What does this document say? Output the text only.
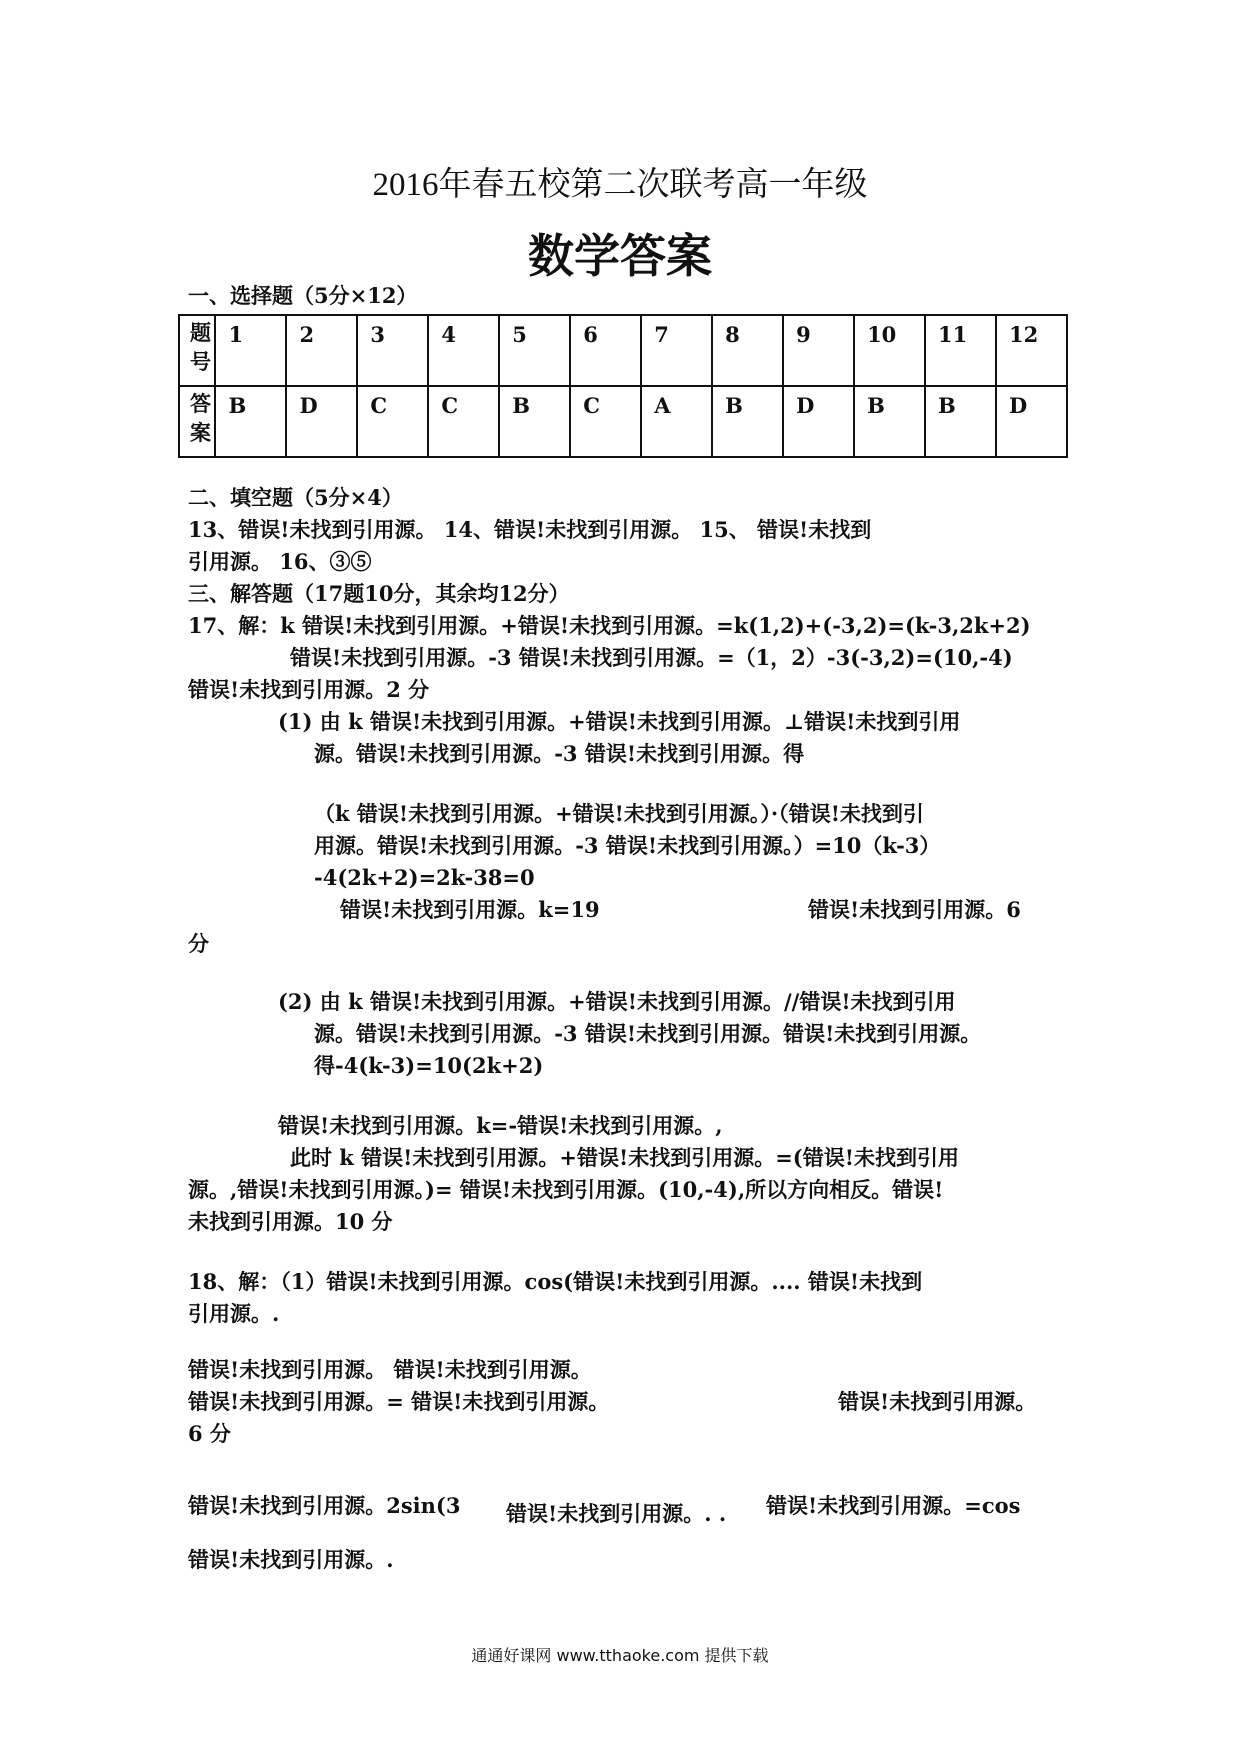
2016年春五校第二次联考高一年级
数学答案
一、选择题（5分×12）
题号	1	2	3	4	5	6	7	8	9	10	11	12
答案	B	D	C	C	B	C	A	B	D	B	B	D
二、填空题（5分×4）
13、错误!未找到引用源。 14、错误!未找到引用源。 15、 错误!未找到
引用源。 16、③⑤
三、解答题（17题10分，其余均12分）
17、解：k 错误!未找到引用源。+错误!未找到引用源。=k(1,2)+(-3,2)=(k-3,2k+2)
错误!未找到引用源。-3 错误!未找到引用源。=（1，2）-3(-3,2)=(10,-4)
错误!未找到引用源。2 分
(1) 由 k 错误!未找到引用源。+错误!未找到引用源。⊥错误!未找到引用
源。错误!未找到引用源。-3 错误!未找到引用源。得
（k 错误!未找到引用源。+错误!未找到引用源。）·（错误!未找到引
用源。错误!未找到引用源。-3 错误!未找到引用源。）=10（k-3）
-4(2k+2)=2k-38=0
错误!未找到引用源。k=19	错误!未找到引用源。6
分
(2) 由 k 错误!未找到引用源。+错误!未找到引用源。//错误!未找到引用
源。错误!未找到引用源。-3 错误!未找到引用源。错误!未找到引用源。
得-4(k-3)=10(2k+2)
错误!未找到引用源。k=-错误!未找到引用源。,
此时 k 错误!未找到引用源。+错误!未找到引用源。=(错误!未找到引用
源。,错误!未找到引用源。)= 错误!未找到引用源。(10,-4),所以方向相反。错误!
未找到引用源。10 分
18、解：（1）错误!未找到引用源。cos(错误!未找到引用源。.... 错误!未找到
引用源。.
错误!未找到引用源。 错误!未找到引用源。
错误!未找到引用源。= 错误!未找到引用源。	错误!未找到引用源。
6 分
错误!未找到引用源。2sin(3 错误!未找到引用源。. . 错误!未找到引用源。=cos
错误!未找到引用源。.
通通好课网 www.tthaoke.com 提供下载
